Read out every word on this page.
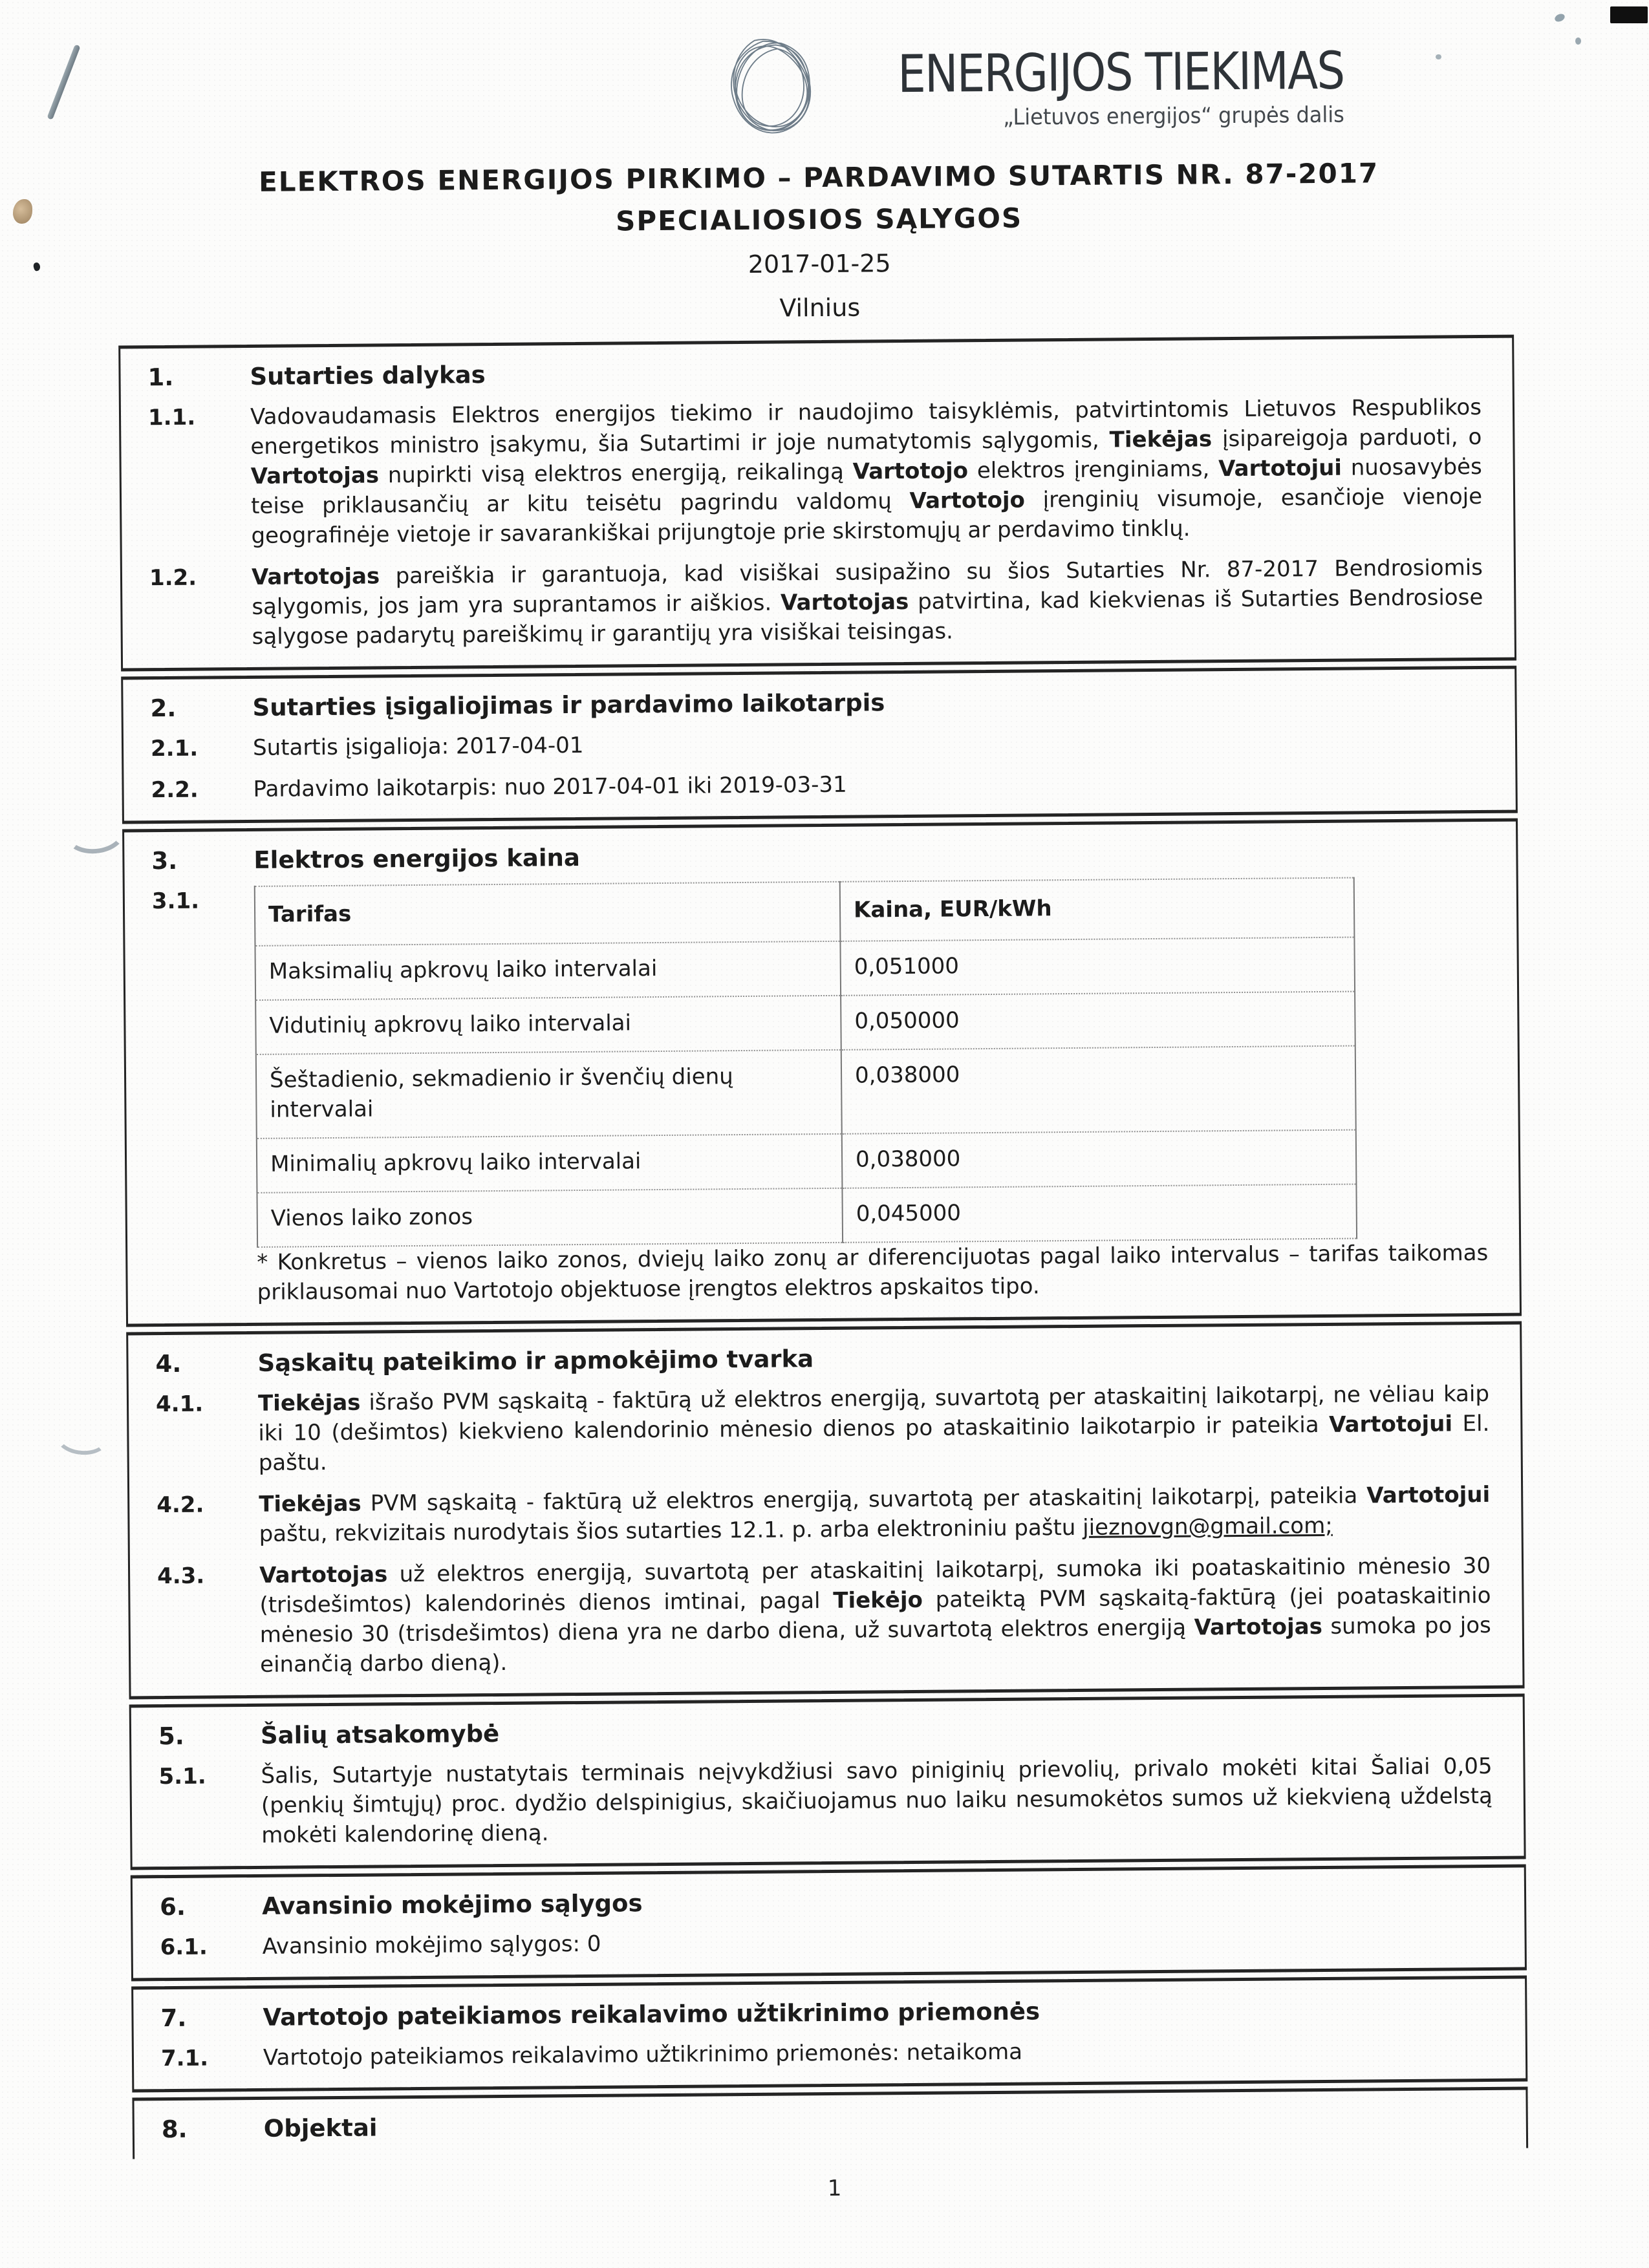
ENERGIJOS TIEKIMAS
„Lietuvos energijos“ grupės dalis
ELEKTROS ENERGIJOS PIRKIMO – PARDAVIMO SUTARTIS NR. 87-2017
SPECIALIOSIOS SĄLYGOS
2017-01-25
Vilnius
1.	Sutarties dalykas
1.1.	Vadovaudamasis Elektros energijos tiekimo ir naudojimo taisyklėmis, patvirtintomis Lietuvos Respublikos energetikos ministro įsakymu, šia Sutartimi ir joje numatytomis sąlygomis, Tiekėjas įsipareigoja parduoti, o Vartotojas nupirkti visą elektros energiją, reikalingą Vartotojo elektros įrenginiams, Vartotojui nuosavybės teise priklausančių ar kitu teisėtu pagrindu valdomų Vartotojo įrenginių visumoje, esančioje vienoje geografinėje vietoje ir savarankiškai prijungtoje prie skirstomųjų ar perdavimo tinklų.

1.2.	Vartotojas pareiškia ir garantuoja, kad visiškai susipažino su šios Sutarties Nr. 87-2017 Bendrosiomis sąlygomis, jos jam yra suprantamos ir aiškios. Vartotojas patvirtina, kad kiekvienas iš Sutarties Bendrosiose sąlygose padarytų pareiškimų ir garantijų yra visiškai teisingas.

2.	Sutarties įsigaliojimas ir pardavimo laikotarpis
2.1.	Sutartis įsigalioja: 2017-04-01

2.2.	Pardavimo laikotarpis: nuo 2017-04-01 iki 2019-03-31

3.	Elektros energijos kaina
3.1.	Tarifas	Kaina, EUR/kWh
Maksimalių apkrovų laiko intervalai	0,051000
Vidutinių apkrovų laiko intervalai	0,050000
Šeštadienio, sekmadienio ir švenčių dienų intervalai	0,038000
Minimalių apkrovų laiko intervalai	0,038000
Vienos laiko zonos	0,045000

* Konkretus – vienos laiko zonos, dviejų laiko zonų ar diferencijuotas pagal laiko intervalus – tarifas taikomas priklausomai nuo Vartotojo objektuose įrengtos elektros apskaitos tipo.

4.	Sąskaitų pateikimo ir apmokėjimo tvarka
4.1.	Tiekėjas išrašo PVM sąskaitą - faktūrą už elektros energiją, suvartotą per ataskaitinį laikotarpį, ne vėliau kaip iki 10 (dešimtos) kiekvieno kalendorinio mėnesio dienos po ataskaitinio laikotarpio ir pateikia Vartotojui El. paštu.

4.2.	Tiekėjas PVM sąskaitą - faktūrą už elektros energiją, suvartotą per ataskaitinį laikotarpį, pateikia Vartotojui paštu, rekvizitais nurodytais šios sutarties 12.1. p. arba elektroniniu paštu jieznovgn@gmail.com;

4.3.	Vartotojas už elektros energiją, suvartotą per ataskaitinį laikotarpį, sumoka iki poataskaitinio mėnesio 30 (trisdešimtos) kalendorinės dienos imtinai, pagal Tiekėjo pateiktą PVM sąskaitą-faktūrą (jei poataskaitinio mėnesio 30 (trisdešimtos) diena yra ne darbo diena, už suvartotą elektros energiją Vartotojas sumoka po jos einančią darbo dieną).

5.	Šalių atsakomybė
5.1.	Šalis, Sutartyje nustatytais terminais neįvykdžiusi savo piniginių prievolių, privalo mokėti kitai Šaliai 0,05 (penkių šimtųjų) proc. dydžio delspinigius, skaičiuojamus nuo laiku nesumokėtos sumos už kiekvieną uždelstą mokėti kalendorinę dieną.

6.	Avansinio mokėjimo sąlygos
6.1.	Avansinio mokėjimo sąlygos: 0

7.	Vartotojo pateikiamos reikalavimo užtikrinimo priemonės
7.1.	Vartotojo pateikiamos reikalavimo užtikrinimo priemonės: netaikoma

8.	Objektai
1
